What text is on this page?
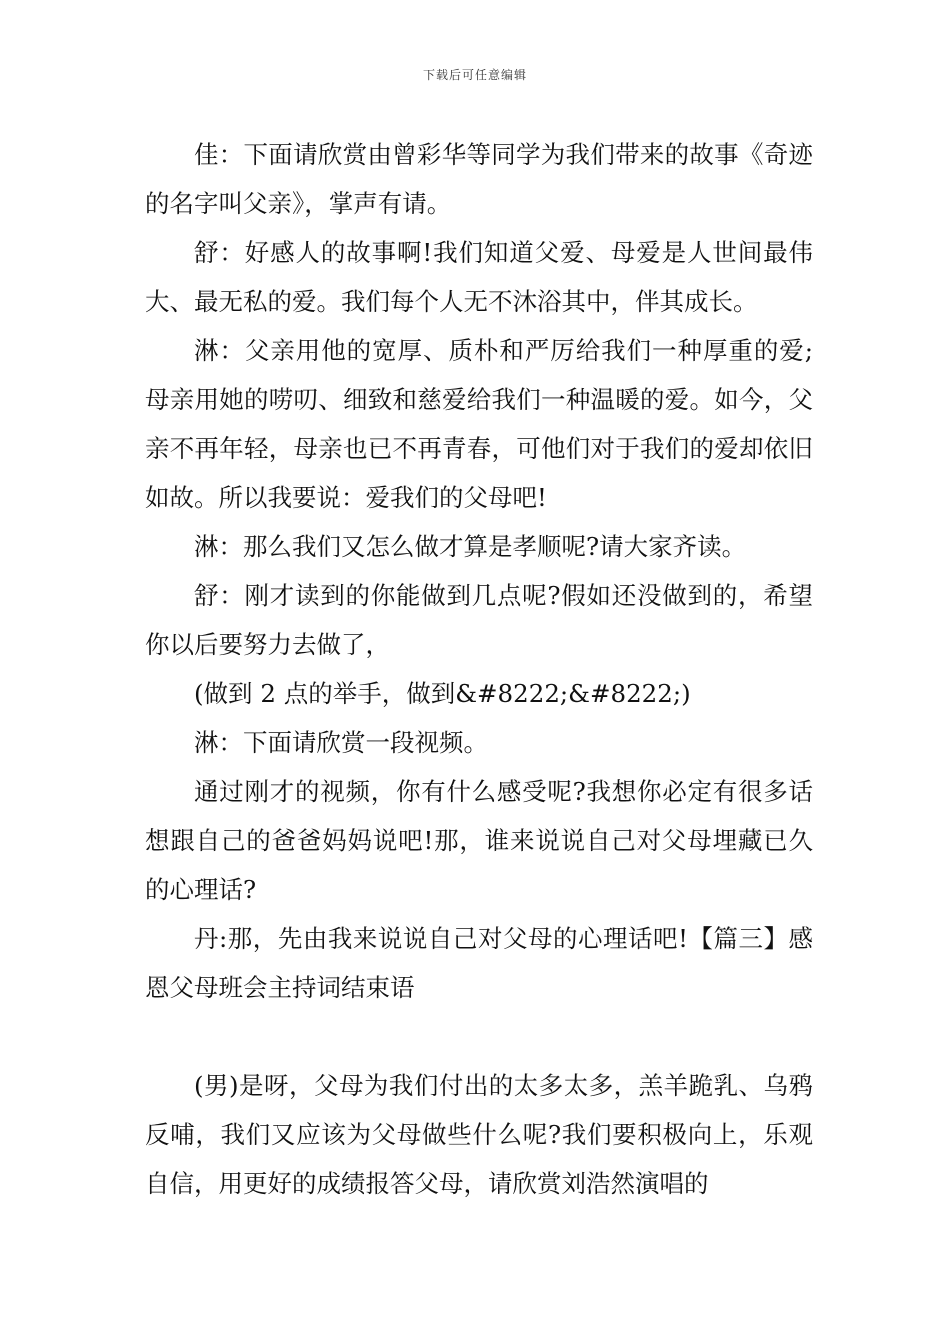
下载后可任意编辑

佳：下面请欣赏由曾彩华等同学为我们带来的故事《奇迹的名字叫父亲》，掌声有请。

舒：好感人的故事啊!我们知道父爱、母爱是人世间最伟大、最无私的爱。我们每个人无不沐浴其中，伴其成长。

淋：父亲用他的宽厚、质朴和严厉给我们一种厚重的爱;母亲用她的唠叨、细致和慈爱给我们一种温暖的爱。如今，父亲不再年轻，母亲也已不再青春，可他们对于我们的爱却依旧如故。所以我要说：爱我们的父母吧!

淋：那么我们又怎么做才算是孝顺呢?请大家齐读。

舒：刚才读到的你能做到几点呢?假如还没做到的，希望你以后要努力去做了，

(做到 2 点的举手，做到&#8222;&#8222;)

淋：下面请欣赏一段视频。

通过刚才的视频，你有什么感受呢?我想你必定有很多话想跟自己的爸爸妈妈说吧!那，谁来说说自己对父母埋藏已久的心理话?

丹:那，先由我来说说自己对父母的心理话吧!【篇三】感恩父母班会主持词结束语

(男)是呀，父母为我们付出的太多太多，羔羊跪乳、乌鸦反哺，我们又应该为父母做些什么呢?我们要积极向上，乐观自信，用更好的成绩报答父母，请欣赏刘浩然演唱的
